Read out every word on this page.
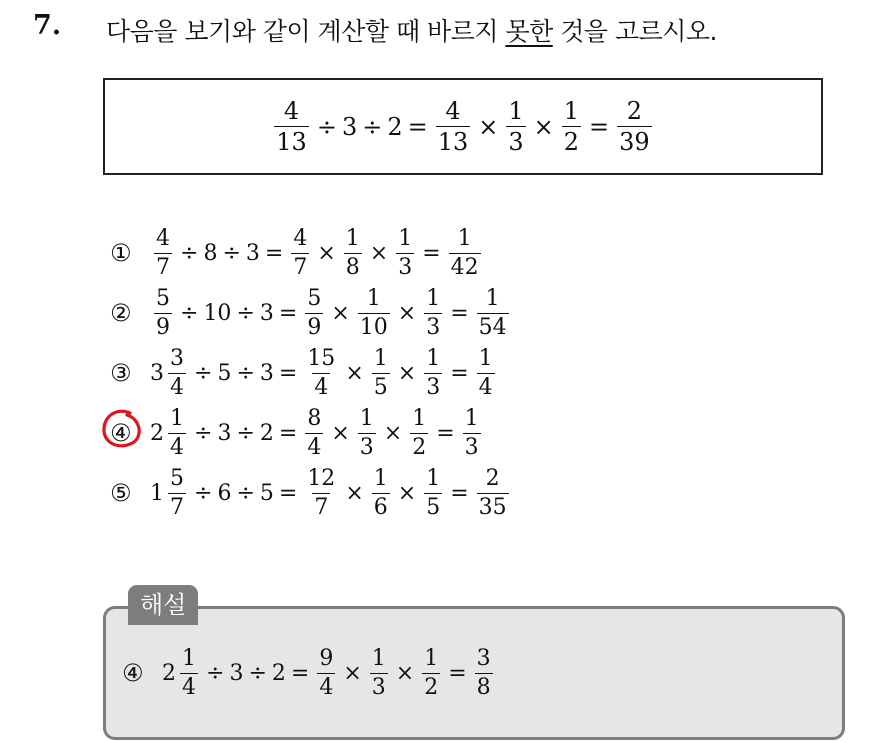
7. 다음을 보기와 같이 계산할 때 바르지 못한 것을 고르시오.
$\frac{4}{13} \div 3 \div 2 = \frac{4}{13} \times \frac{1}{3} \times \frac{1}{2} = \frac{2}{39}$
①	$\frac{4}{7} \div 8 \div 3 = \frac{4}{7} \times \frac{1}{8} \times \frac{1}{3} = \frac{1}{42}$
②	$\frac{5}{9} \div 10 \div 3 = \frac{5}{9} \times \frac{1}{10} \times \frac{1}{3} = \frac{1}{54}$
③ $3 \frac{3}{4} \div 5 \div 3 = \frac{15}{4} \times \frac{1}{5} \times \frac{1}{3} = \frac{1}{4}$
④ $2 \frac{1}{4} \div 3 \div 2 = \frac{8}{4} \times \frac{1}{3} \times \frac{1}{2} = \frac{1}{3}$
⑤ $1 \frac{5}{7} \div 6 \div 5 = \frac{12}{7} \times \frac{1}{6} \times \frac{1}{5} = \frac{2}{35}$
해설
④ $2 \frac{1}{4} \div 3 \div 2 = \frac{9}{4} \times \frac{1}{3} \times \frac{1}{2} = \frac{3}{8}$
